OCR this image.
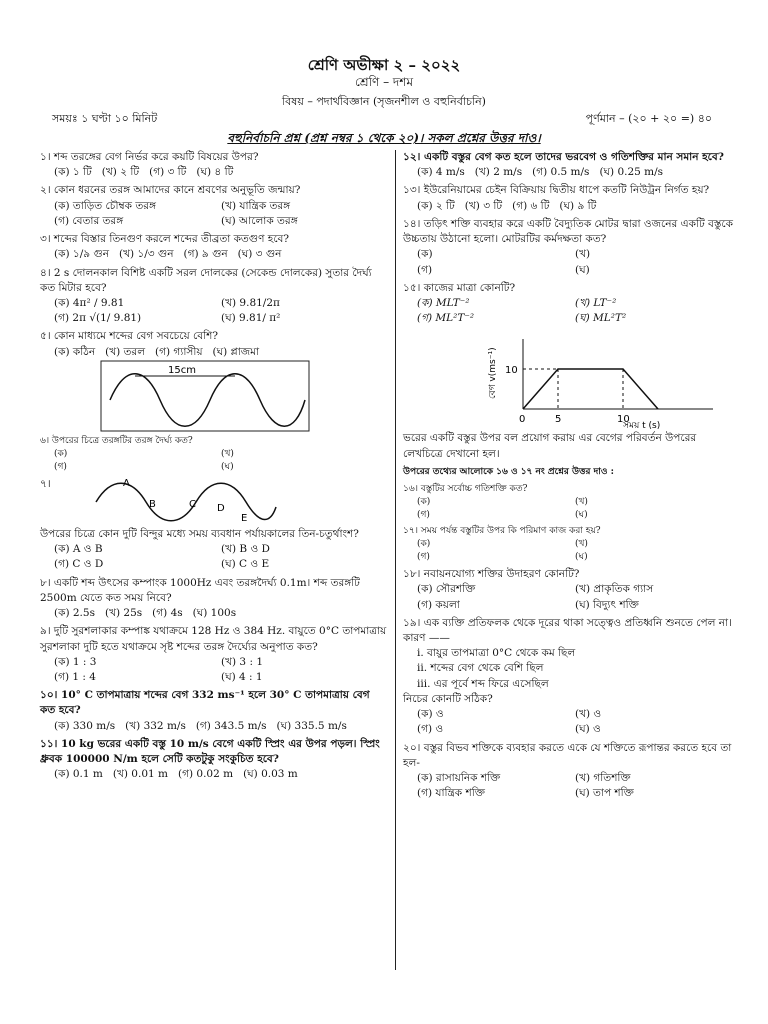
শ্রেণি অভীক্ষা ২ – ২০২২
শ্রেণি – দশম
বিষয় – পদার্থবিজ্ঞান (সৃজনশীল ও বহুনির্বাচনি)
সময়ঃ ১ ঘণ্টা ১০ মিনিট	পূর্ণমান – (২০ + ২০ =) ৪০
বহুনির্বাচনি প্রশ্ন (প্রশ্ন নম্বর ১ থেকে ২০)। সকল প্রশ্নের উত্তর দাও।

১। শব্দ তরঙ্গের বেগ নির্ভর করে কয়টি বিষয়ের উপর?

(ক) ১ টি (খ) ২ টি (গ) ৩ টি (ঘ) ৪ টি

২। কোন ধরনের তরঙ্গ আমাদের কানে শ্রবণের অনুভূতি জন্মায়?

(ক) তাড়িত চৌম্বক তরঙ্গ	(খ) যান্ত্রিক তরঙ্গ
(গ) বেতার তরঙ্গ	(ঘ) আলোক তরঙ্গ

৩। শব্দের বিস্তার তিনগুণ করলে শব্দের তীব্রতা কতগুণ হবে?

(ক) ১/৯ গুন (খ) ১/৩ গুন (গ) ৯ গুন (ঘ) ৩ গুন

৪। 2 s দোলনকাল বিশিষ্ট একটি সরল দোলকের (সেকেন্ড দোলকের) সুতার দৈর্ঘ্য কত মিটার হবে?

(ক) 4π² / 9.81	(খ) 9.81/2π
(গ) 2π √(1/ 9.81)	(ঘ) 9.81/ π²

৫। কোন মাধ্যমে শব্দের বেগ সবচেয়ে বেশি?

(ক) কঠিন (খ) তরল (গ) গ্যাসীয় (ঘ) প্লাজমা
15cm

৬। উপরের চিত্রে তরঙ্গটির তরঙ্গ দৈর্ঘ্য কত?

(ক)	(খ)
(গ)	(ঘ)
৭।	A
B	C D
E

উপরের চিত্রে কোন দুটি বিন্দুর মধ্যে সময় ব্যবধান পর্যায়কালের তিন-চতুর্থাংশ?

(ক) A ও B	(খ) B ও D
(গ) C ও D	(ঘ) C ও E

৮। একটি শব্দ উৎসের কম্পাংক 1000Hz এবং তরঙ্গদৈর্ঘ্য 0.1m। শব্দ তরঙ্গটি 2500m যেতে কত সময় নিবে?

(ক) 2.5s (খ) 25s (গ) 4s (ঘ) 100s

৯। দুটি সুরশলাকার কম্পাঙ্ক যথাক্রমে 128 Hz ও 384 Hz. বায়ুতে 0°C তাপমাত্রায় সুরশলাকা দুটি হতে যথাক্রমে সৃষ্ট শব্দের তরঙ্গ দৈর্ঘ্যের অনুপাত কত?

(ক) 1 : 3	(খ) 3 : 1
(গ) 1 : 4	(ঘ) 4 : 1

১০। 10° C তাপমাত্রায় শব্দের বেগ 332 ms⁻¹ হলে 30° C তাপমাত্রায় বেগ কত হবে?

(ক) 330 m/s (খ) 332 m/s (গ) 343.5 m/s (ঘ) 335.5 m/s

১১। 10 kg ভরের একটি বস্তু 10 m/s বেগে একটি স্প্রিং এর উপর পড়ল। স্প্রিং ধ্রুবক 100000 N/m হলে সেটি কতটুকু সংকুচিত হবে?

(ক) 0.1 m (খ) 0.01 m (গ) 0.02 m (ঘ) 0.03 m

১২। একটি বস্তুর বেগ কত হলে তাদের ভরবেগ ও গতিশক্তির মান সমান হবে?

(ক) 4 m/s (খ) 2 m/s (গ) 0.5 m/s (ঘ) 0.25 m/s

১৩। ইউরেনিয়ামের চেইন বিক্রিয়ায় দ্বিতীয় ধাপে কতটি নিউট্রন নির্গত হয়?

(ক) ২ টি (খ) ৩ টি (গ) ৬ টি (ঘ) ৯ টি

১৪। তড়িৎ শক্তি ব্যবহার করে একটি বৈদ্যুতিক মোটর দ্বারা ওজনের একটি বস্তুকে উচ্চতায় উঠানো হলো। মোটরটির কর্মদক্ষতা কত?

(ক)	(খ)
(গ)	(ঘ)

১৫। কাজের মাত্রা কোনটি?

(ক) MLT⁻²	(খ) LT⁻²
(গ) ML²T⁻²	(ঘ) ML²T²
10
0	5	10
বেগ v(ms⁻¹)
সময় t (s)

ভরের একটি বস্তুর উপর বল প্রয়োগ করায় এর বেগের পরিবর্তন উপরের লেখচিত্রে দেখানো হল।

উপরের তথ্যের আলোকে ১৬ ও ১৭ নং প্রশ্নের উত্তর দাও :

১৬। বস্তুটির সর্বোচ্চ গতিশক্তি কত?

(ক)	(খ)
(গ)	(ঘ)

১৭। সময় পর্যন্ত বস্তুটির উপর কি পরিমাণ কাজ করা হয়?

(ক)	(খ)
(গ)	(ঘ)

১৮। নবায়নযোগ্য শক্তির উদাহরণ কোনটি?

(ক) সৌরশক্তি	(খ) প্রাকৃতিক গ্যাস
(গ) কয়লা	(ঘ) বিদ্যুৎ শক্তি

১৯। এক ব্যক্তি প্রতিফলক থেকে দূরের থাকা সত্ত্বেও প্রতিধ্বনি শুনতে পেল না। কারণ ——

i. বায়ুর তাপমাত্রা 0°C থেকে কম ছিল
ii. শব্দের বেগ থেকে বেশি ছিল
iii. এর পূর্বে শব্দ ফিরে এসেছিল

নিচের কোনটি সঠিক?

(ক) ও	(খ) ও
(গ) ও	(ঘ) ও

২০। বস্তুর বিভব শক্তিকে ব্যবহার করতে একে যে শক্তিতে রূপান্তর করতে হবে তা হল-

(ক) রাসায়নিক শক্তি	(খ) গতিশক্তি
(গ) যান্ত্রিক শক্তি	(ঘ) তাপ শক্তি
